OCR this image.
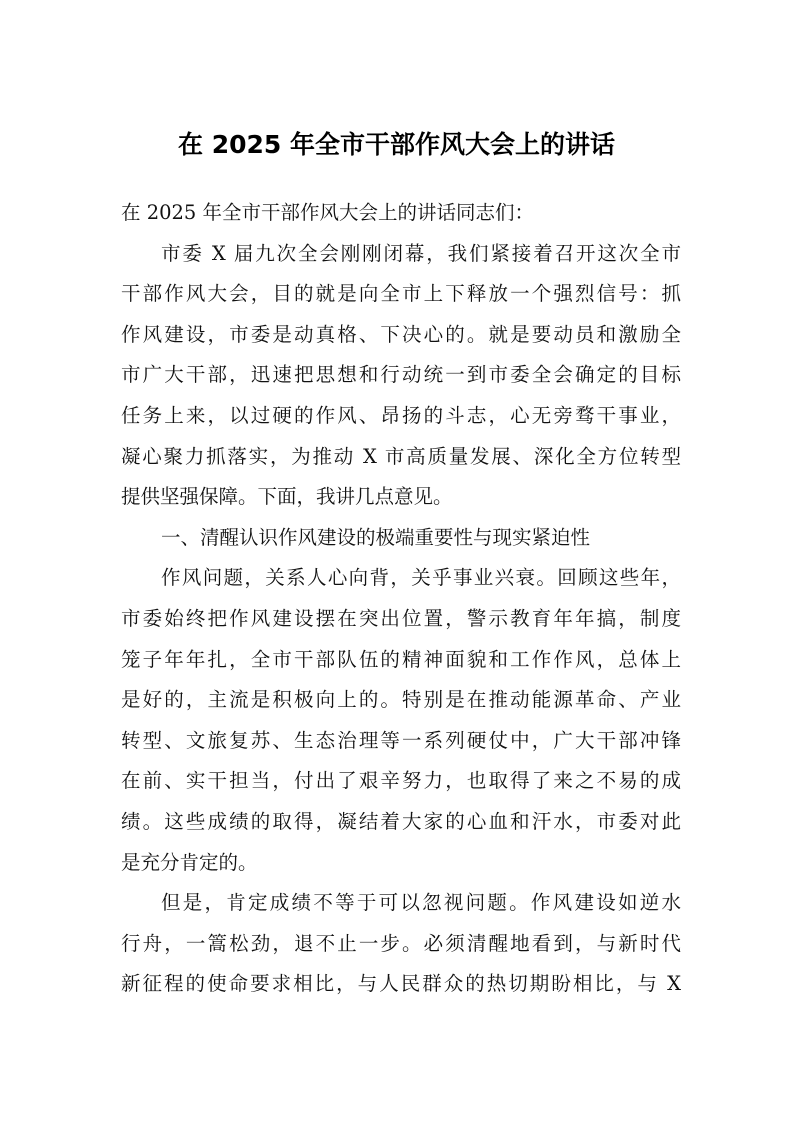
在 2025 年全市干部作风大会上的讲话
在 2025 年全市干部作风大会上的讲话同志们：
市委 X 届九次全会刚刚闭幕，我们紧接着召开这次全市
干部作风大会，目的就是向全市上下释放一个强烈信号：抓
作风建设，市委是动真格、下决心的。就是要动员和激励全
市广大干部，迅速把思想和行动统一到市委全会确定的目标
任务上来，以过硬的作风、昂扬的斗志，心无旁骛干事业，
凝心聚力抓落实，为推动 X 市高质量发展、深化全方位转型
提供坚强保障。下面，我讲几点意见。
一、清醒认识作风建设的极端重要性与现实紧迫性
作风问题，关系人心向背，关乎事业兴衰。回顾这些年，
市委始终把作风建设摆在突出位置，警示教育年年搞，制度
笼子年年扎，全市干部队伍的精神面貌和工作作风，总体上
是好的，主流是积极向上的。特别是在推动能源革命、产业
转型、文旅复苏、生态治理等一系列硬仗中，广大干部冲锋
在前、实干担当，付出了艰辛努力，也取得了来之不易的成
绩。这些成绩的取得，凝结着大家的心血和汗水，市委对此
是充分肯定的。
但是，肯定成绩不等于可以忽视问题。作风建设如逆水
行舟，一篙松劲，退不止一步。必须清醒地看到，与新时代
新征程的使命要求相比，与人民群众的热切期盼相比，与 X
